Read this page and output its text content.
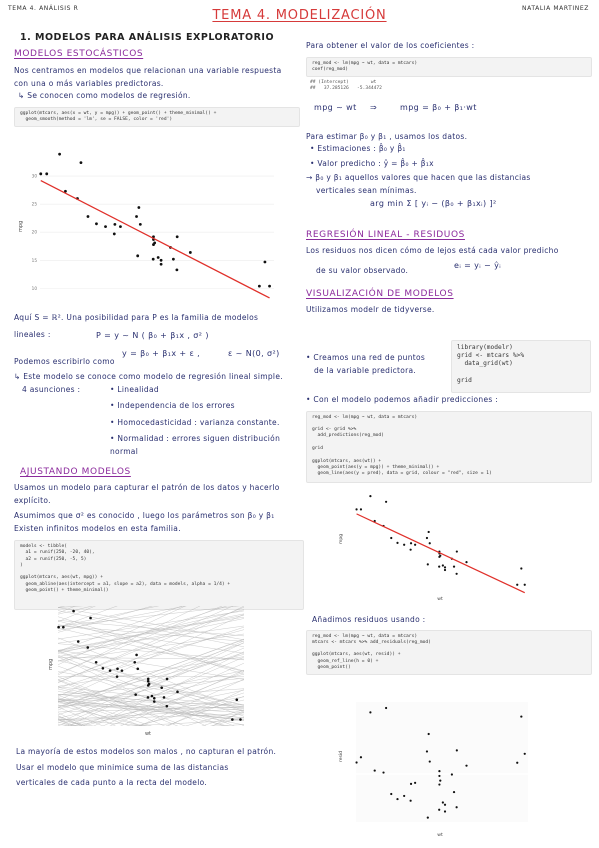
TEMA 4. ANÁLISIS R	NATALIA MARTINEZ
TEMA 4. MODELIZACIÓN
1. MODELOS PARA ANÁLISIS EXPLORATORIO
MODELOS ESTOCÁSTICOS
Nos centramos en modelos que relacionan una variable respuesta
con una o más variables predictoras.
↳ Se conocen como modelos de regresión.
ggplot(mtcars, aes(x = wt, y = mpg)) + geom_point() + theme_minimal() +
geom_smooth(method = 'lm', se = FALSE, color = 'red')
mpg
10
15
20
25
30
Aquí S = ℝ². Una posibilidad para P es la familia de modelos
lineales :	P = y ~ N ( β₀ + β₁x , σ² )
Podemos escribirlo como
y = β₀ + β₁x + ε ,	ε ~ N(0, σ²)
↳ Este modelo se conoce como modelo de regresión lineal simple.
4 asunciones :	• Linealidad
• Independencia de los errores
• Homocedasticidad : varianza constante.
• Normalidad : errores siguen distribución normal
AJUSTANDO MODELOS
Usamos un modelo para capturar el patrón de los datos y hacerlo
explícito.
Asumimos que σ² es conocido , luego los parámetros son β₀ y β₁
Existen infinitos modelos en esta familia.
models <- tibble(
a1 = runif(250, -20, 40),
a2 = runif(250, -5, 5)
)

ggplot(mtcars, aes(wt, mpg)) +
geom_abline(aes(intercept = a1, slope = a2), data = models, alpha = 1/4) +
geom_point() + theme_minimal()
mpg
wt
La mayoría de estos modelos son malos , no capturan el patrón.
Usar el modelo que minimice suma de las distancias
verticales de cada punto a la recta del modelo.
Para obtener el valor de los coeficientes :
reg_mod <- lm(mpg ~ wt, data = mtcars)
coef(reg_mod)
## (Intercept)        wt
##   37.285126   -5.344472
mpg ~ wt ⇒	mpg = β₀ + β₁·wt
Para estimar β₀ y β₁ , usamos los datos.
• Estimaciones : β̂₀ y β̂₁
• Valor predicho : ŷ = β̂₀ + β̂₁x
→ β₀ y β₁ aquellos valores que hacen que las distancias
verticales sean mínimas.
arg min Σ [ yᵢ − (β₀ + β₁xᵢ) ]²
REGRESIÓN LINEAL - RESIDUOS
Los residuos nos dicen cómo de lejos está cada valor predicho
de su valor observado.
eᵢ = yᵢ − ŷᵢ
VISUALIZACIÓN DE MODELOS
Utilizamos modelr de tidyverse.
library(modelr)
grid <- mtcars %>%
data_grid(wt)

grid
• Creamos una red de puntos
de la variable predictora.
• Con el modelo podemos añadir predicciones :
reg_mod <- lm(mpg ~ wt, data = mtcars)

grid <- grid %>%
add_predictions(reg_mod)

grid

ggplot(mtcars, aes(wt)) +
geom_point(aes(y = mpg)) + theme_minimal() +
geom_line(aes(y = pred), data = grid, colour = "red", size = 1)
mpg
wt
Añadimos residuos usando :
reg_mod <- lm(mpg ~ wt, data = mtcars)
mtcars <- mtcars %>% add_residuals(reg_mod)

ggplot(mtcars, aes(wt, resid)) +
geom_ref_line(h = 0) +
geom_point()
resid
wt
